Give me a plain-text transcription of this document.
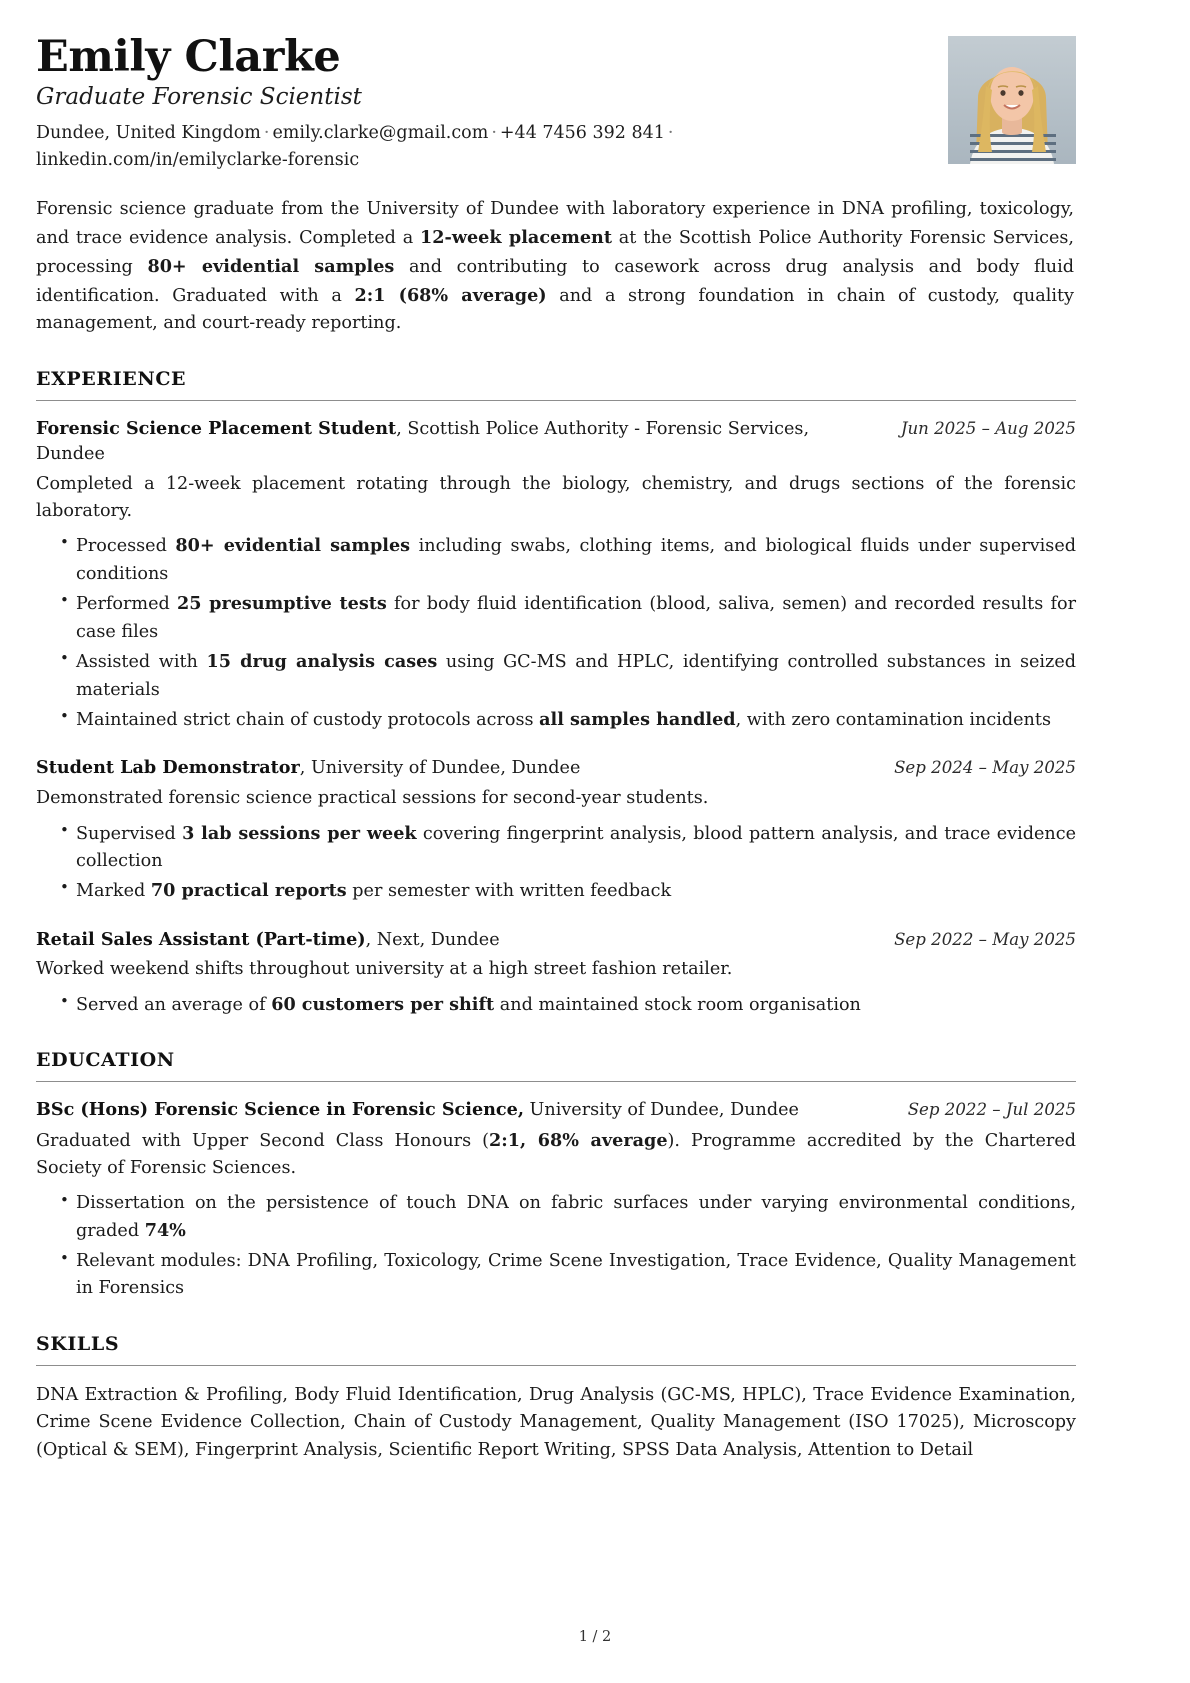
Emily Clarke
Graduate Forensic Scientist
Dundee, United Kingdom · emily.clarke@gmail.com · +44 7456 392 841 · linkedin.com/in/emilyclarke-forensic
Forensic science graduate from the University of Dundee with laboratory experience in DNA profiling, toxicology, and trace evidence analysis. Completed a 12-week placement at the Scottish Police Authority Forensic Services, processing 80+ evidential samples and contributing to casework across drug analysis and body fluid identification. Graduated with a 2:1 (68% average) and a strong foundation in chain of custody, quality management, and court-ready reporting.
EXPERIENCE
Forensic Science Placement Student, Scottish Police Authority - Forensic Services, Dundee
Jun 2025 – Aug 2025
Completed a 12-week placement rotating through the biology, chemistry, and drugs sections of the forensic laboratory.
• Processed 80+ evidential samples including swabs, clothing items, and biological fluids under supervised conditions
• Performed 25 presumptive tests for body fluid identification (blood, saliva, semen) and recorded results for case files
• Assisted with 15 drug analysis cases using GC-MS and HPLC, identifying controlled substances in seized materials
• Maintained strict chain of custody protocols across all samples handled, with zero contamination incidents
Student Lab Demonstrator, University of Dundee, Dundee	Sep 2024 – May 2025
Demonstrated forensic science practical sessions for second-year students.
• Supervised 3 lab sessions per week covering fingerprint analysis, blood pattern analysis, and trace evidence collection
• Marked 70 practical reports per semester with written feedback
Retail Sales Assistant (Part-time), Next, Dundee	Sep 2022 – May 2025
Worked weekend shifts throughout university at a high street fashion retailer.
• Served an average of 60 customers per shift and maintained stock room organisation
EDUCATION
BSc (Hons) Forensic Science in Forensic Science, University of Dundee, Dundee	Sep 2022 – Jul 2025
Graduated with Upper Second Class Honours (2:1, 68% average). Programme accredited by the Chartered Society of Forensic Sciences.
• Dissertation on the persistence of touch DNA on fabric surfaces under varying environmental conditions, graded 74%
• Relevant modules: DNA Profiling, Toxicology, Crime Scene Investigation, Trace Evidence, Quality Management in Forensics
SKILLS
DNA Extraction & Profiling, Body Fluid Identification, Drug Analysis (GC-MS, HPLC), Trace Evidence Examination, Crime Scene Evidence Collection, Chain of Custody Management, Quality Management (ISO 17025), Microscopy (Optical & SEM), Fingerprint Analysis, Scientific Report Writing, SPSS Data Analysis, Attention to Detail
1 / 2
